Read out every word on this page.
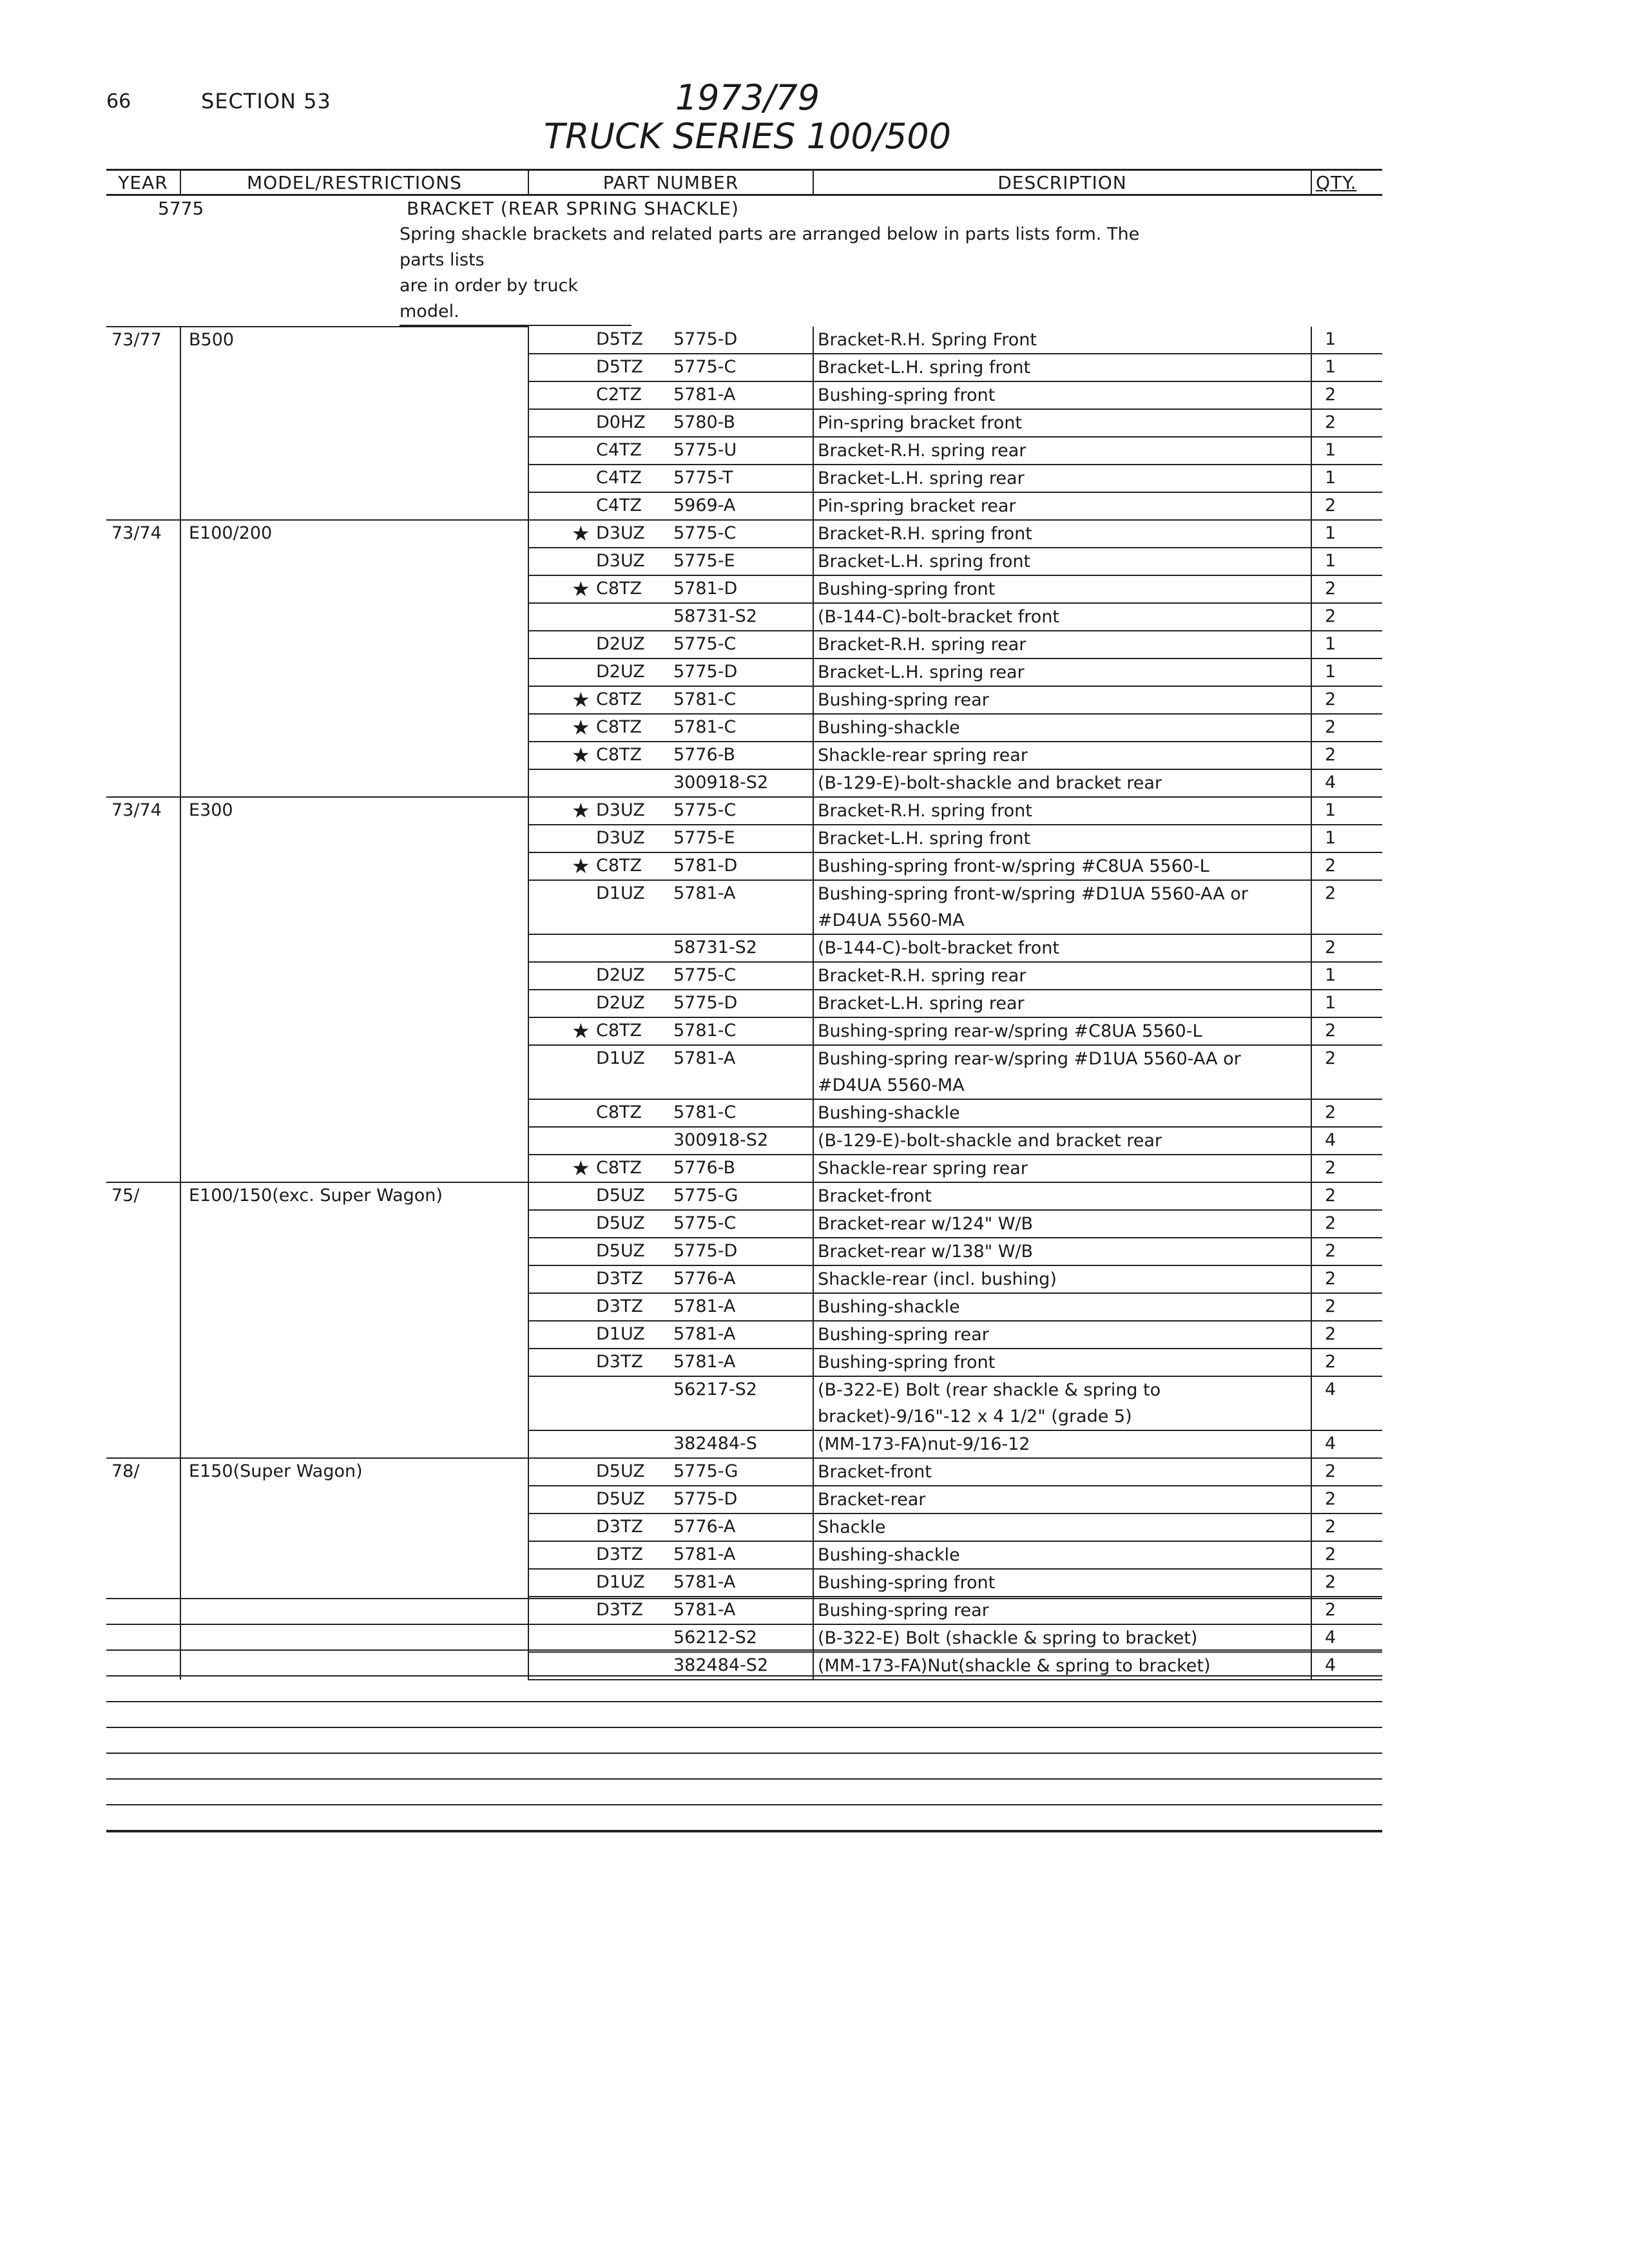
66	SECTION 53	1973/79
TRUCK SERIES 100/500
YEAR	MODEL/RESTRICTIONS	PART NUMBER	DESCRIPTION	QTY.
5775	BRACKET (REAR SPRING SHACKLE)

Spring shackle brackets and related parts are arranged below in parts lists form. The parts lists
are in order by truck model.

73/77	B500	D5TZ 5775-D	Bracket-R.H. Spring Front	1

D5TZ 5775-C	Bracket-L.H. spring front	1

C2TZ 5781-A	Bushing-spring front	2

D0HZ 5780-B	Pin-spring bracket front	2

C4TZ 5775-U	Bracket-R.H. spring rear	1

C4TZ 5775-T	Bracket-L.H. spring rear	1

C4TZ 5969-A	Pin-spring bracket rear	2
73/74	E100/200	★ D3UZ 5775-C	Bracket-R.H. spring front	1

D3UZ 5775-E	Bracket-L.H. spring front	1

★ C8TZ 5781-D	Bushing-spring front	2

58731-S2	(B-144-C)-bolt-bracket front	2

D2UZ 5775-C	Bracket-R.H. spring rear	1

D2UZ 5775-D	Bracket-L.H. spring rear	1

★ C8TZ 5781-C	Bushing-spring rear	2

★ C8TZ 5781-C	Bushing-shackle	2

★ C8TZ 5776-B	Shackle-rear spring rear	2

300918-S2	(B-129-E)-bolt-shackle and bracket rear	4
73/74	E300	★ D3UZ 5775-C	Bracket-R.H. spring front	1

D3UZ 5775-E	Bracket-L.H. spring front	1

★ C8TZ 5781-D	Bushing-spring front-w/spring #C8UA 5560-L	2

D1UZ 5781-A	Bushing-spring front-w/spring #D1UA 5560-AA or #D4UA 5560-MA	2

58731-S2	(B-144-C)-bolt-bracket front	2

D2UZ 5775-C	Bracket-R.H. spring rear	1

D2UZ 5775-D	Bracket-L.H. spring rear	1

★ C8TZ 5781-C	Bushing-spring rear-w/spring #C8UA 5560-L	2

D1UZ 5781-A	Bushing-spring rear-w/spring #D1UA 5560-AA or #D4UA 5560-MA	2

C8TZ 5781-C	Bushing-shackle	2

300918-S2	(B-129-E)-bolt-shackle and bracket rear	4

★ C8TZ 5776-B	Shackle-rear spring rear	2
75/	E100/150(exc. Super Wagon)	D5UZ 5775-G	Bracket-front	2

D5UZ 5775-C	Bracket-rear w/124" W/B	2

D5UZ 5775-D	Bracket-rear w/138" W/B	2

D3TZ 5776-A	Shackle-rear (incl. bushing)	2

D3TZ 5781-A	Bushing-shackle	2

D1UZ 5781-A	Bushing-spring rear	2

D3TZ 5781-A	Bushing-spring front	2

56217-S2	(B-322-E) Bolt (rear shackle & spring to bracket)-9/16"-12 x 4 1/2" (grade 5)	4

382484-S	(MM-173-FA)nut-9/16-12	4
78/	E150(Super Wagon)	D5UZ 5775-G	Bracket-front	2

D5UZ 5775-D	Bracket-rear	2

D3TZ 5776-A	Shackle	2

D3TZ 5781-A	Bushing-shackle	2

D1UZ 5781-A	Bushing-spring front	2

D3TZ 5781-A	Bushing-spring rear	2

56212-S2	(B-322-E) Bolt (shackle & spring to bracket)	4

382484-S2	(MM-173-FA)Nut(shackle & spring to bracket)	4
